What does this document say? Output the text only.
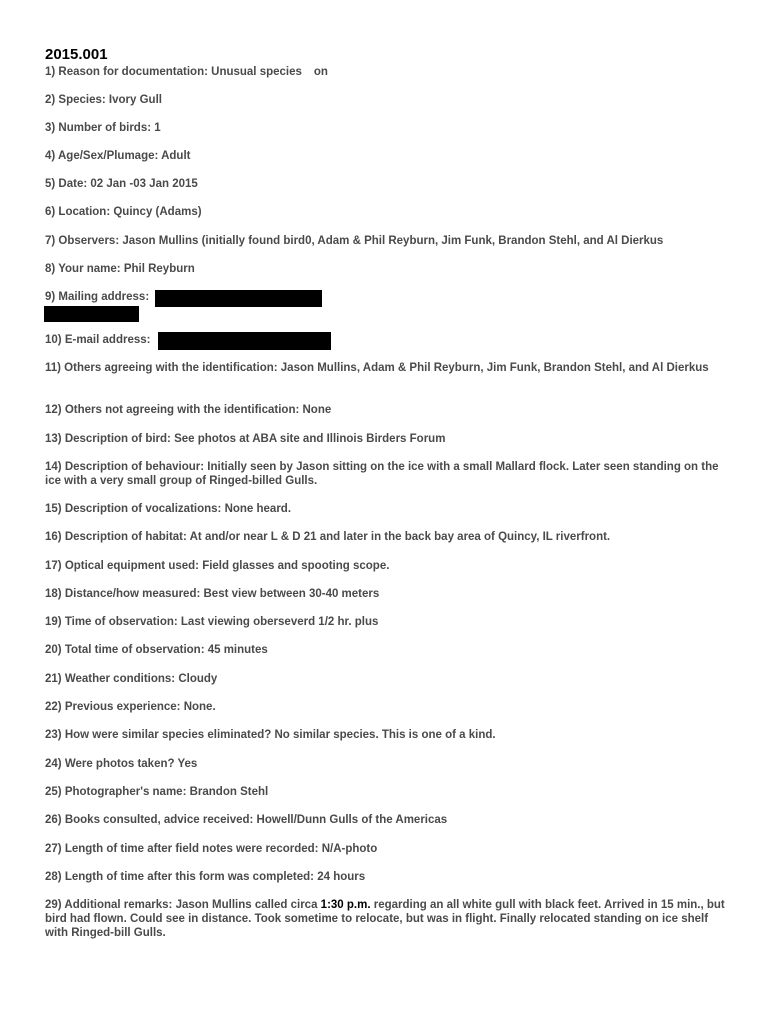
2015.001
1) Reason for documentation: Unusual species on
2) Species: Ivory Gull
3) Number of birds: 1
4) Age/Sex/Plumage: Adult
5) Date: 02 Jan -03 Jan 2015
6) Location: Quincy (Adams)
7) Observers: Jason Mullins (initially found bird0, Adam & Phil Reyburn, Jim Funk, Brandon Stehl, and Al Dierkus
8) Your name: Phil Reyburn
9) Mailing address:
10) E-mail address:
11) Others agreeing with the identification: Jason Mullins, Adam & Phil Reyburn, Jim Funk, Brandon Stehl, and Al Dierkus
12) Others not agreeing with the identification: None
13) Description of bird: See photos at ABA site and Illinois Birders Forum
14) Description of behaviour: Initially seen by Jason sitting on the ice with a small Mallard flock. Later seen standing on the ice with a very small group of Ringed-billed Gulls.
15) Description of vocalizations: None heard.
16) Description of habitat: At and/or near L & D 21 and later in the back bay area of Quincy, IL riverfront.
17) Optical equipment used: Field glasses and spooting scope.
18) Distance/how measured: Best view between 30-40 meters
19) Time of observation: Last viewing oberseverd 1/2 hr. plus
20) Total time of observation: 45 minutes
21) Weather conditions: Cloudy
22) Previous experience: None.
23) How were similar species eliminated? No similar species. This is one of a kind.
24) Were photos taken? Yes
25) Photographer's name: Brandon Stehl
26) Books consulted, advice received: Howell/Dunn Gulls of the Americas
27) Length of time after field notes were recorded: N/A-photo
28) Length of time after this form was completed: 24 hours
29) Additional remarks: Jason Mullins called circa 1:30 p.m. regarding an all white gull with black feet. Arrived in 15 min., but bird had flown. Could see in distance. Took sometime to relocate, but was in flight. Finally relocated standing on ice shelf with Ringed-bill Gulls.
